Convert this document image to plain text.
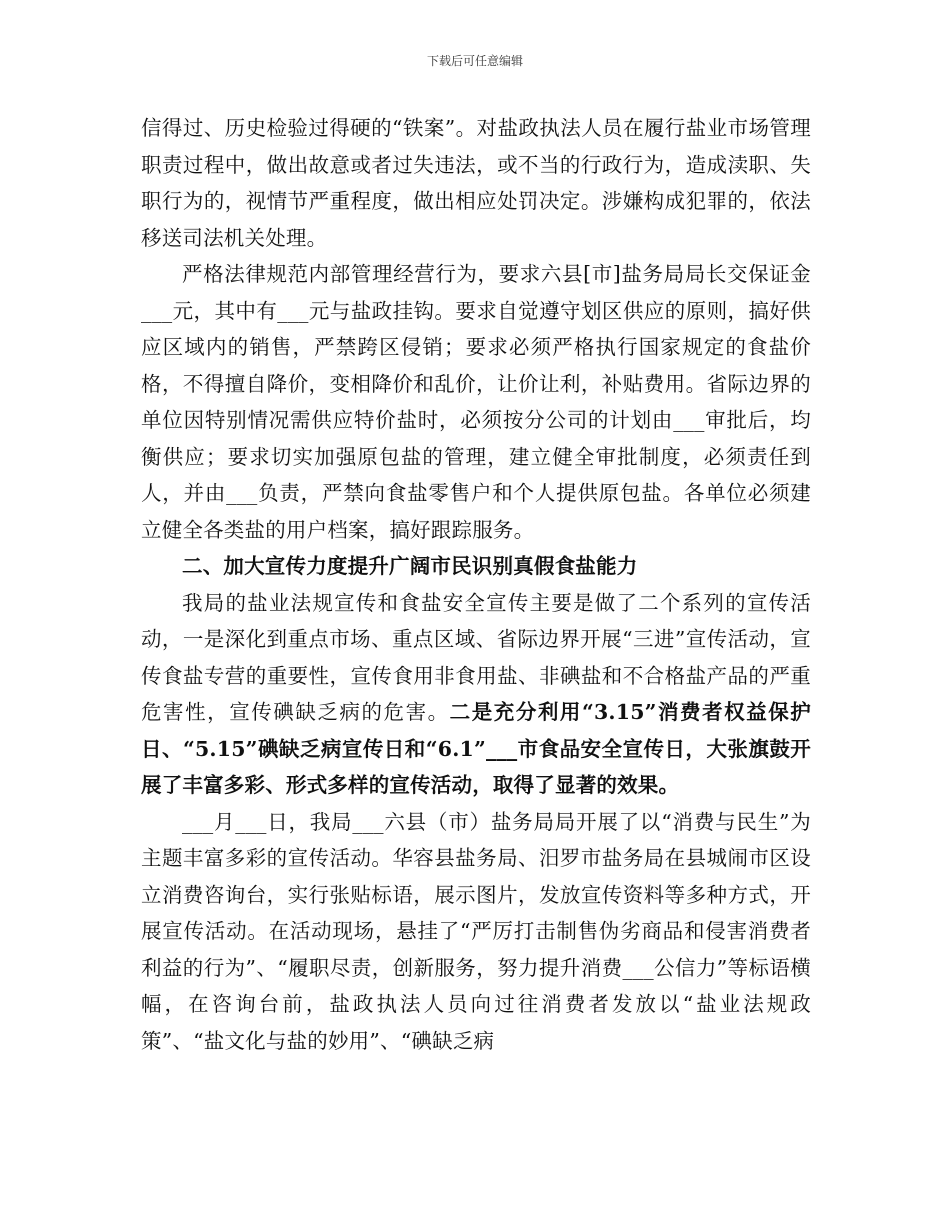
下载后可任意编辑

信得过、历史检验过得硬的“铁案”。对盐政执法人员在履行盐业市场管理职责过程中，做出故意或者过失违法，或不当的行政行为，造成渎职、失职行为的，视情节严重程度，做出相应处罚决定。涉嫌构成犯罪的，依法移送司法机关处理。

严格法律规范内部管理经营行为，要求六县[市]盐务局局长交保证金___元，其中有___元与盐政挂钩。要求自觉遵守划区供应的原则，搞好供应区域内的销售，严禁跨区侵销；要求必须严格执行国家规定的食盐价格，不得擅自降价，变相降价和乱价，让价让利，补贴费用。省际边界的单位因特别情况需供应特价盐时，必须按分公司的计划由___审批后，均衡供应；要求切实加强原包盐的管理，建立健全审批制度，必须责任到人，并由___负责，严禁向食盐零售户和个人提供原包盐。各单位必须建立健全各类盐的用户档案，搞好跟踪服务。

二、加大宣传力度提升广阔市民识别真假食盐能力

我局的盐业法规宣传和食盐安全宣传主要是做了二个系列的宣传活动，一是深化到重点市场、重点区域、省际边界开展“三进”宣传活动，宣传食盐专营的重要性，宣传食用非食用盐、非碘盐和不合格盐产品的严重危害性，宣传碘缺乏病的危害。二是充分利用“3.15”消费者权益保护日、“5.15”碘缺乏病宣传日和“6.1”___市食品安全宣传日，大张旗鼓开展了丰富多彩、形式多样的宣传活动，取得了显著的效果。

___月___日，我局___六县（市）盐务局局开展了以“消费与民生”为主题丰富多彩的宣传活动。华容县盐务局、汨罗市盐务局在县城闹市区设立消费咨询台，实行张贴标语，展示图片，发放宣传资料等多种方式，开展宣传活动。在活动现场，悬挂了“严厉打击制售伪劣商品和侵害消费者利益的行为”、“履职尽责，创新服务，努力提升消费___公信力”等标语横幅，在咨询台前，盐政执法人员向过往消费者发放以“盐业法规政策”、“盐文化与盐的妙用”、“碘缺乏病
